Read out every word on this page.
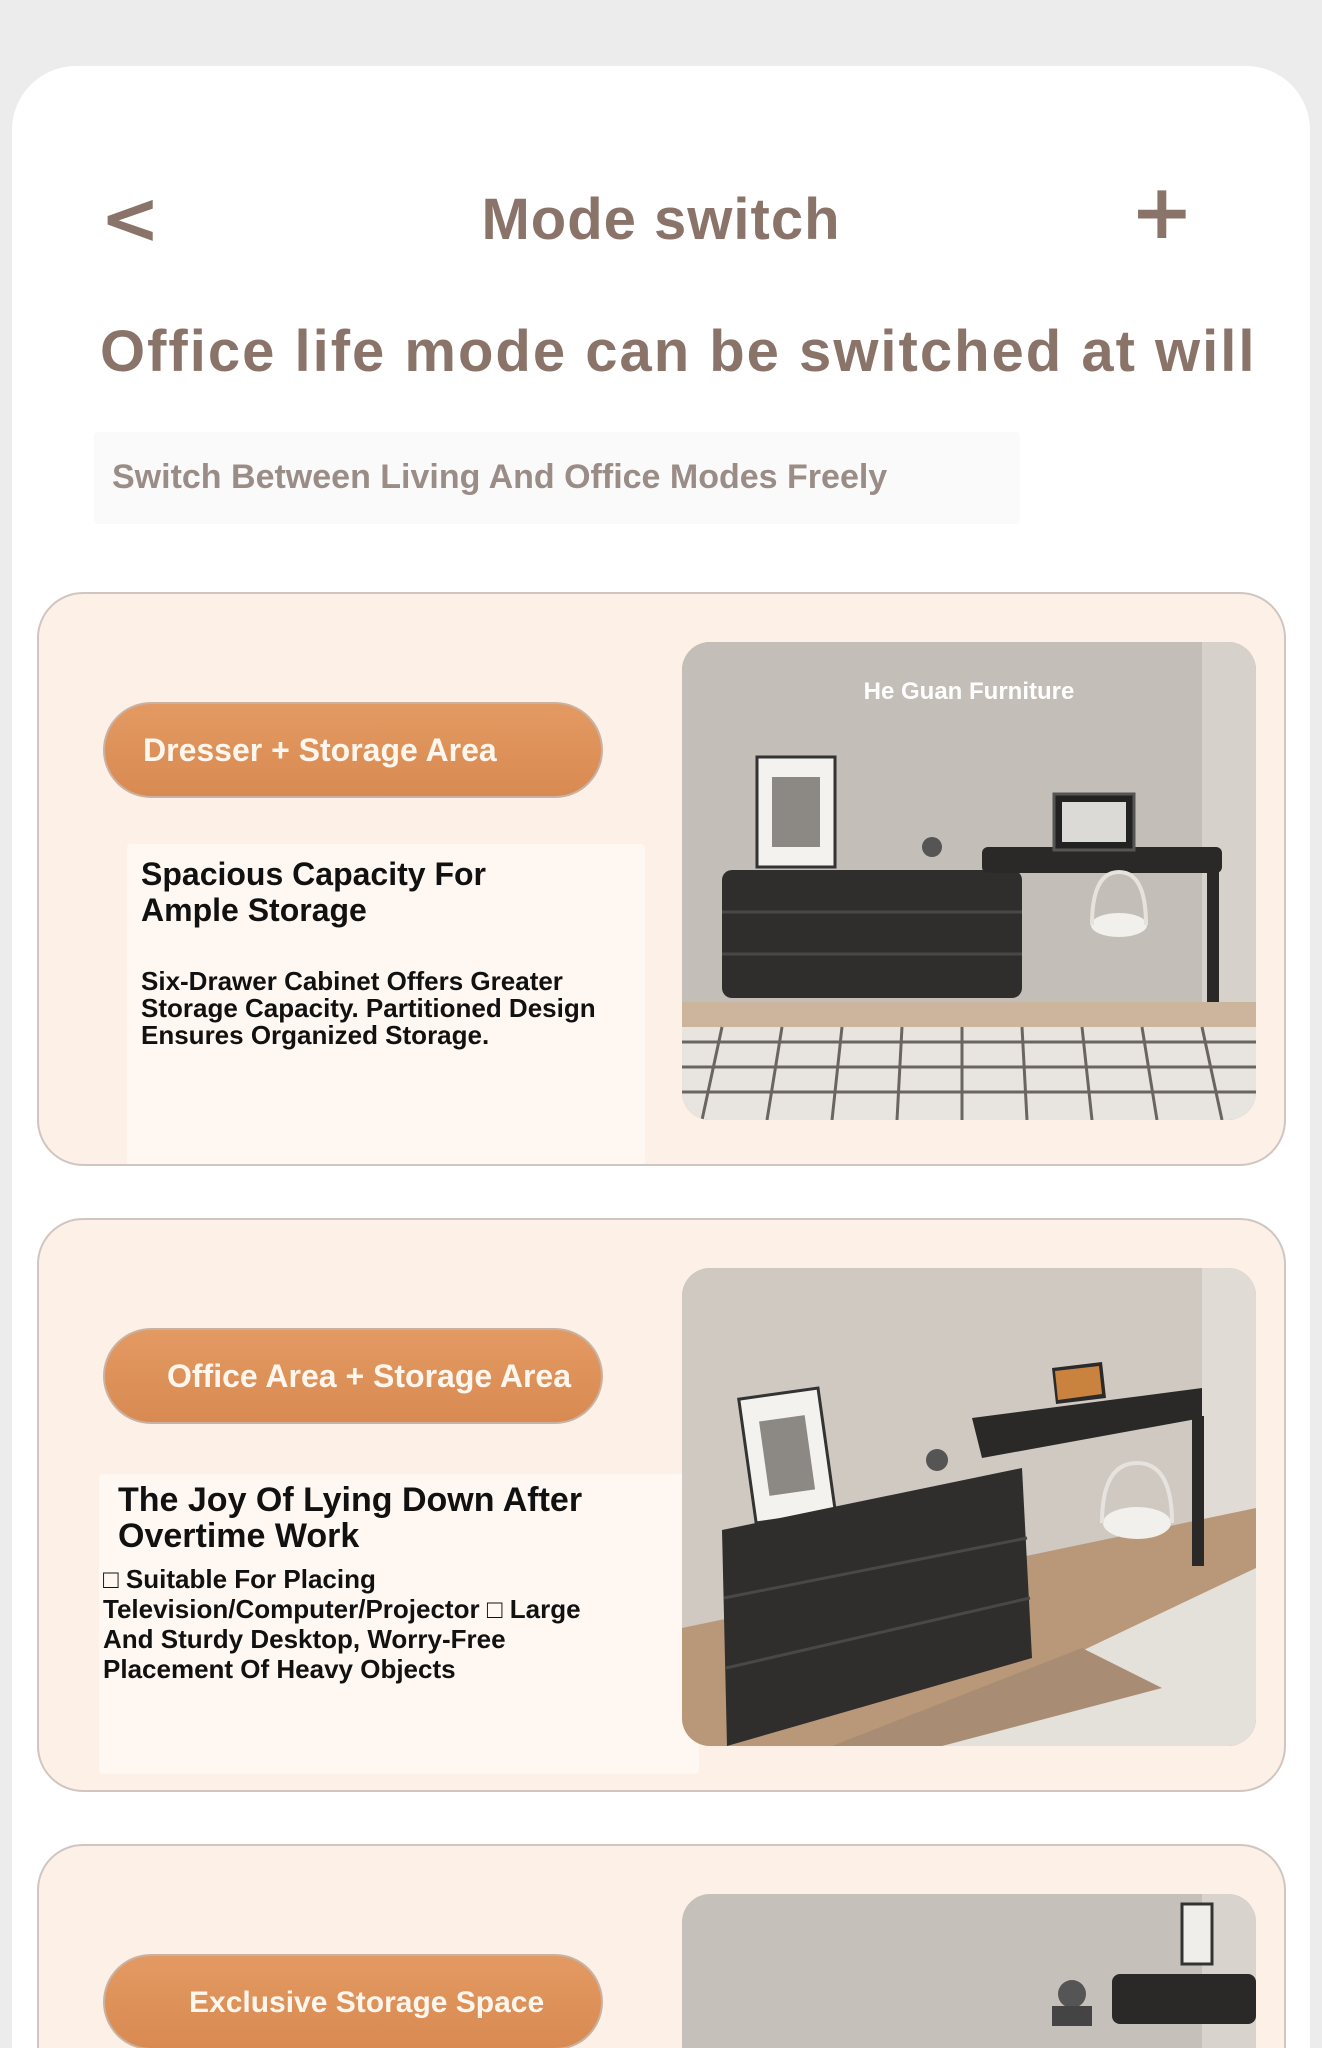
<	Mode switch	+
Office life mode can be switched at will
Switch Between Living And Office Modes Freely
Dresser + Storage Area
Spacious Capacity For Ample Storage
Six-Drawer Cabinet Offers Greater Storage Capacity. Partitioned Design Ensures Organized Storage.
He Guan Furniture
Office Area + Storage Area
The Joy Of Lying Down After Overtime Work
□ Suitable For Placing Television/Computer/Projector □ Large And Sturdy Desktop, Worry-Free Placement Of Heavy Objects
Exclusive Storage Space
